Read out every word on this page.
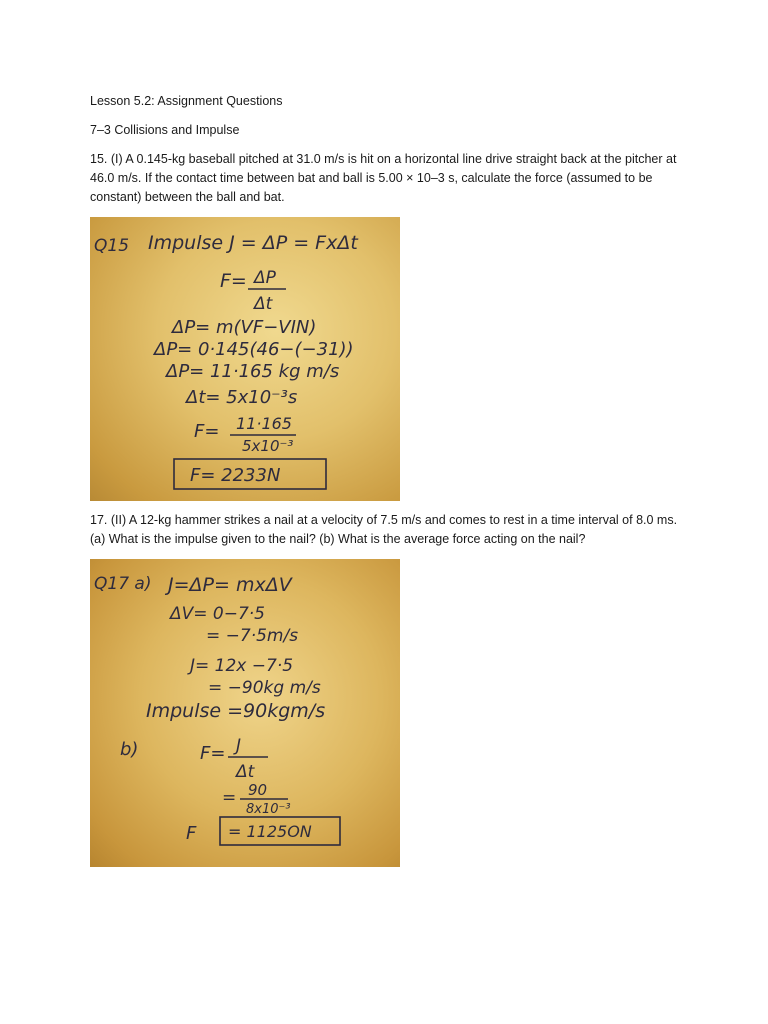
Lesson 5.2: Assignment Questions

7–3 Collisions and Impulse

15. (I) A 0.145-kg baseball pitched at 31.0 m/s is hit on a horizontal line drive straight back at the pitcher at 46.0 m/s. If the contact time between bat and ball is 5.00 × 10–3 s, calculate the force (assumed to be constant) between the ball and bat.

Q15 Impulse J = ΔP = FxΔt
F= ΔP
Δt
ΔP= m(VF−VIN)
ΔP= 0·145(46−(−31))
ΔP= 11·165 kg m/s
Δt= 5x10⁻³s
F= 11·165
5x10⁻³
F= 2233N

17. (II) A 12-kg hammer strikes a nail at a velocity of 7.5 m/s and comes to rest in a time interval of 8.0 ms. (a) What is the impulse given to the nail? (b) What is the average force acting on the nail?

Q17 a) J=ΔP= mxΔV
ΔV= 0−7·5
= −7·5m/s
J= 12x −7·5
= −90kg m/s
Impulse =90kgm/s
b)	F= J
Δt
= 90
8x10⁻³
F = 1125ON
